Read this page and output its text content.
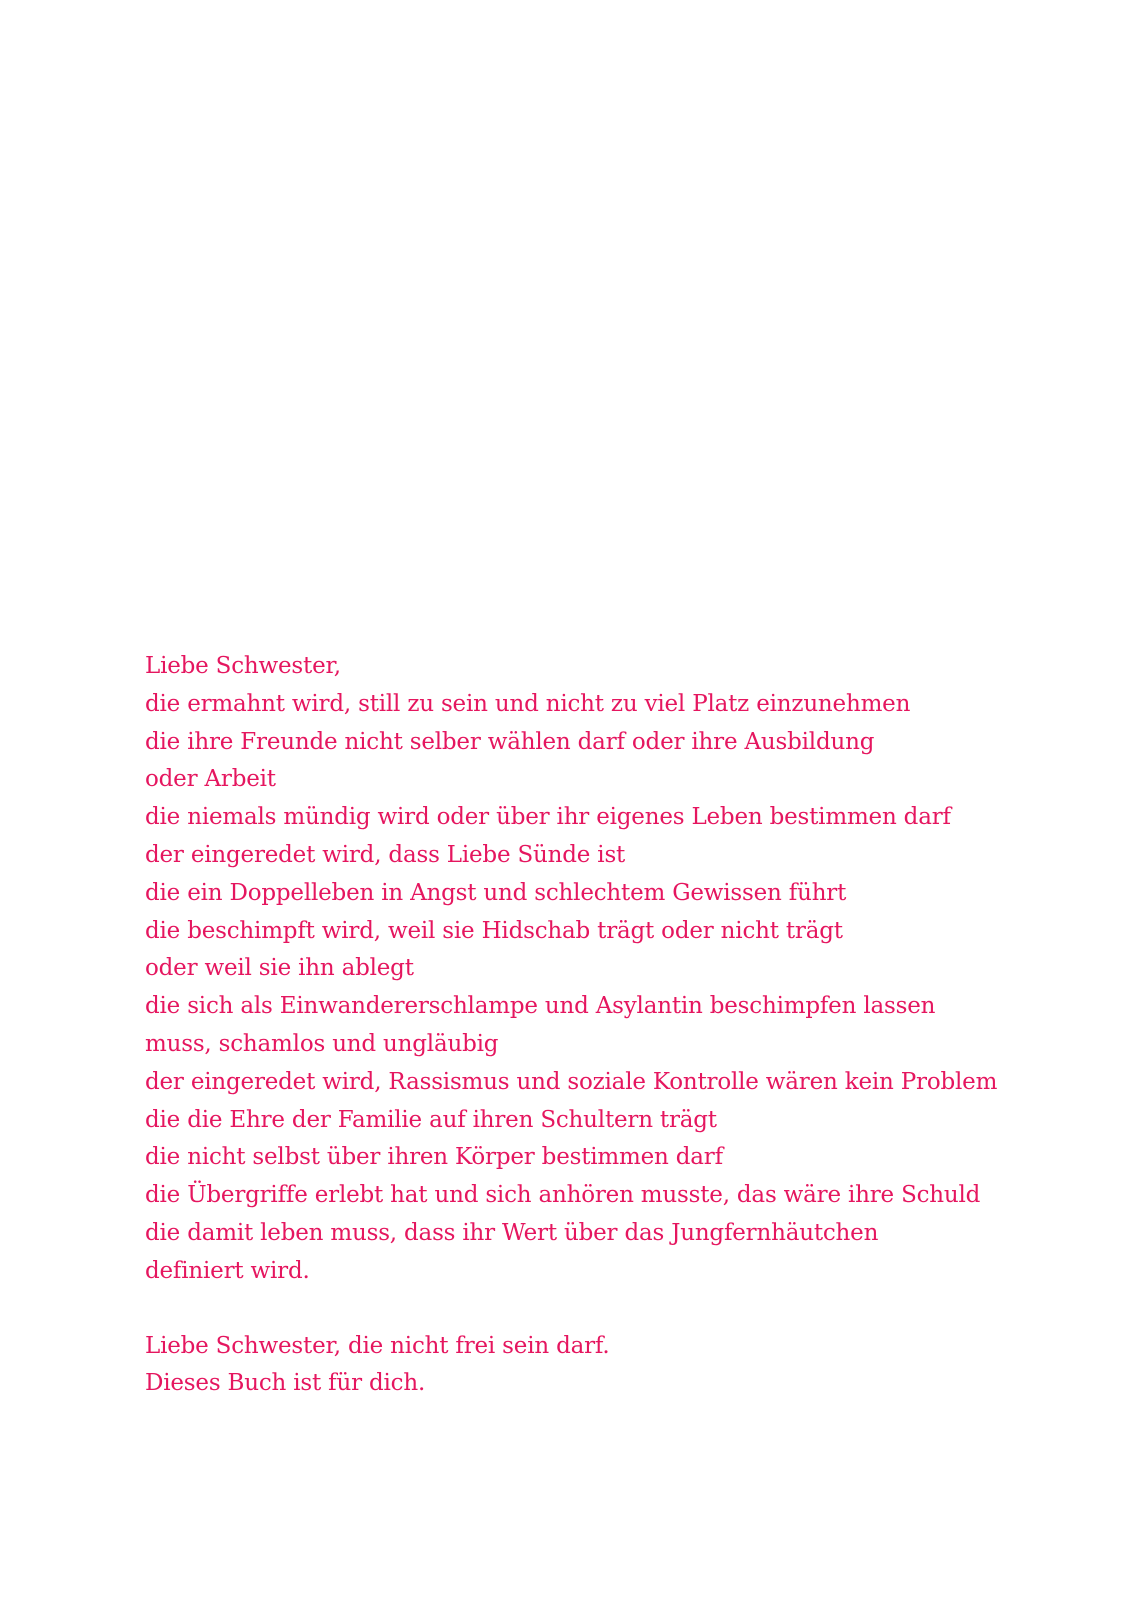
Liebe Schwester,
die ermahnt wird, still zu sein und nicht zu viel Platz einzunehmen
die ihre Freunde nicht selber wählen darf oder ihre Ausbildung
oder Arbeit
die niemals mündig wird oder über ihr eigenes Leben bestimmen darf
der eingeredet wird, dass Liebe Sünde ist
die ein Doppelleben in Angst und schlechtem Gewissen führt
die beschimpft wird, weil sie Hidschab trägt oder nicht trägt
oder weil sie ihn ablegt
die sich als Einwandererschlampe und Asylantin beschimpfen lassen
muss, schamlos und ungläubig
der eingeredet wird, Rassismus und soziale Kontrolle wären kein Problem
die die Ehre der Familie auf ihren Schultern trägt
die nicht selbst über ihren Körper bestimmen darf
die Übergriffe erlebt hat und sich anhören musste, das wäre ihre Schuld
die damit leben muss, dass ihr Wert über das Jungfernhäutchen
definiert wird.
Liebe Schwester, die nicht frei sein darf.
Dieses Buch ist für dich.
